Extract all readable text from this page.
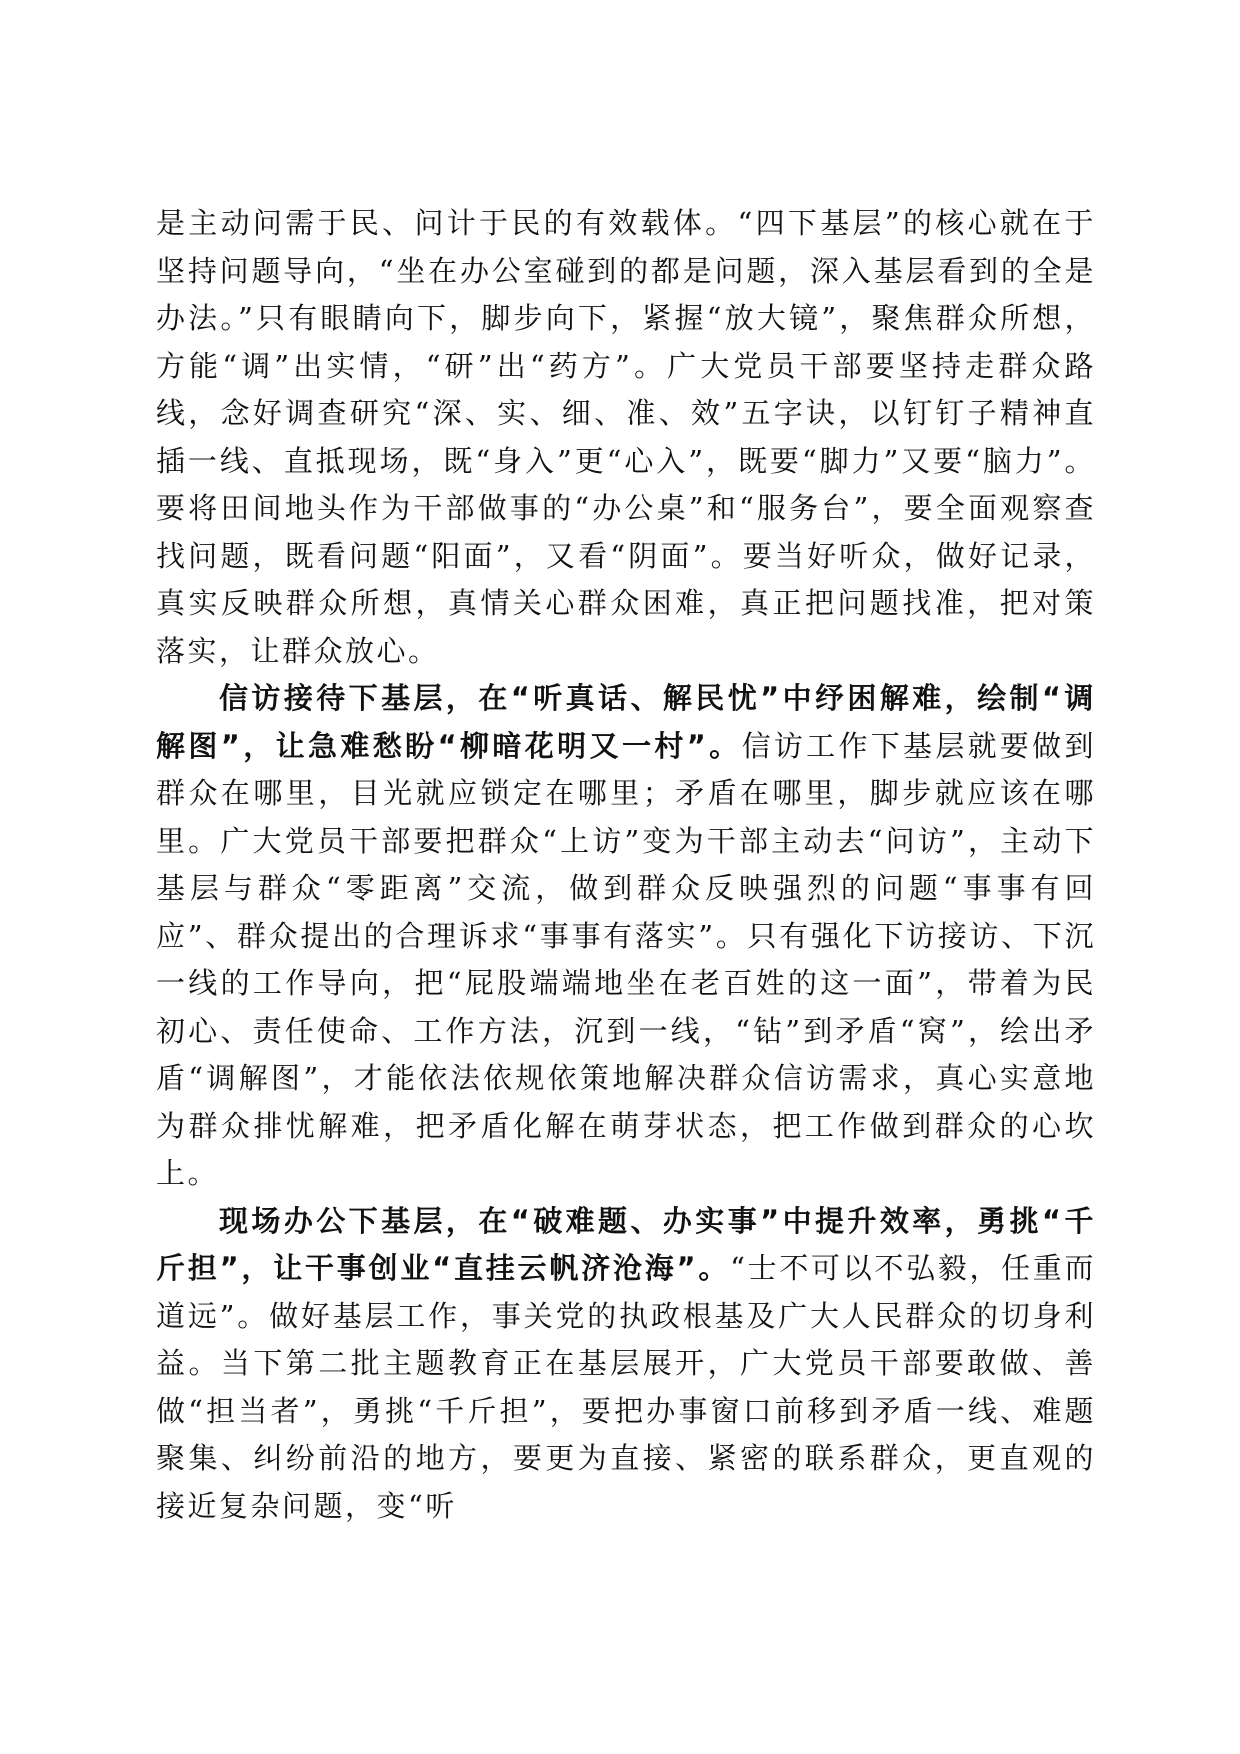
是主动问需于民、问计于民的有效载体。“四下基层”的核心就在于坚持问题导向，“坐在办公室碰到的都是问题，深入基层看到的全是办法。”只有眼睛向下，脚步向下，紧握“放大镜”，聚焦群众所想，方能“调”出实情，“研”出“药方”。广大党员干部要坚持走群众路线，念好调查研究“深、实、细、准、效”五字诀，以钉钉子精神直插一线、直抵现场，既“身入”更“心入”，既要“脚力”又要“脑力”。要将田间地头作为干部做事的“办公桌”和“服务台”，要全面观察查找问题，既看问题“阳面”，又看“阴面”。要当好听众，做好记录，真实反映群众所想，真情关心群众困难，真正把问题找准，把对策落实，让群众放心。

信访接待下基层，在“听真话、解民忧”中纾困解难，绘制“调解图”，让急难愁盼“柳暗花明又一村”。信访工作下基层就要做到群众在哪里，目光就应锁定在哪里；矛盾在哪里，脚步就应该在哪里。广大党员干部要把群众“上访”变为干部主动去“问访”，主动下基层与群众“零距离”交流，做到群众反映强烈的问题“事事有回应”、群众提出的合理诉求“事事有落实”。只有强化下访接访、下沉一线的工作导向，把“屁股端端地坐在老百姓的这一面”，带着为民初心、责任使命、工作方法，沉到一线，“钻”到矛盾“窝”，绘出矛盾“调解图”，才能依法依规依策地解决群众信访需求，真心实意地为群众排忧解难，把矛盾化解在萌芽状态，把工作做到群众的心坎上。

现场办公下基层，在“破难题、办实事”中提升效率，勇挑“千斤担”，让干事创业“直挂云帆济沧海”。“士不可以不弘毅，任重而道远”。做好基层工作，事关党的执政根基及广大人民群众的切身利益。当下第二批主题教育正在基层展开，广大党员干部要敢做、善做“担当者”，勇挑“千斤担”，要把办事窗口前移到矛盾一线、难题聚集、纠纷前沿的地方，要更为直接、紧密的联系群众，更直观的接近复杂问题，变“听
